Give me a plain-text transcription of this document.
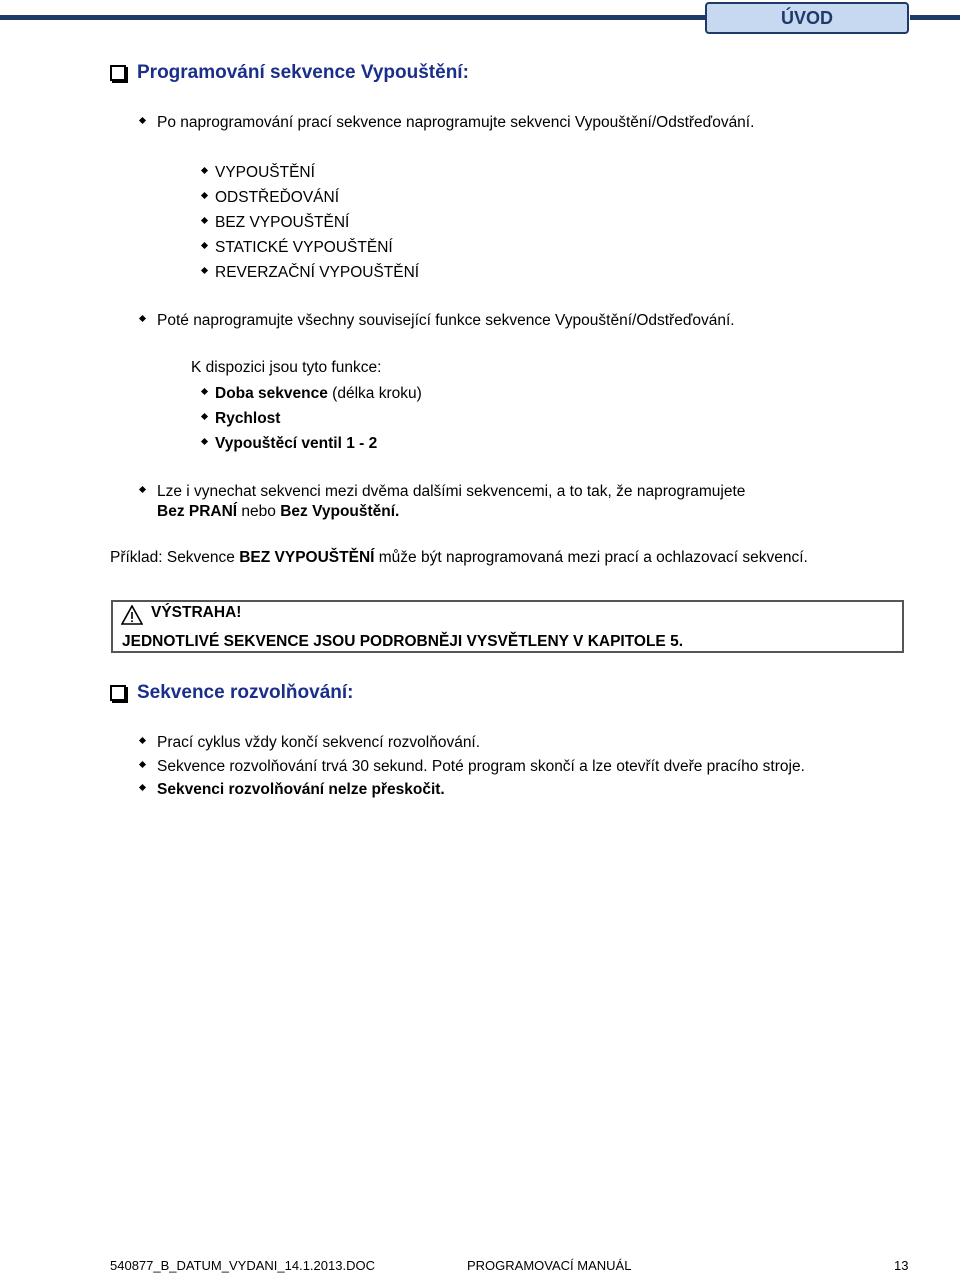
ÚVOD
Programování sekvence Vypouštění:
Po naprogramování prací sekvence naprogramujte sekvenci Vypouštění/Odstřeďování.
VYPOUŠTĚNÍ
ODSTŘEĎOVÁNÍ
BEZ VYPOUŠTĚNÍ
STATICKÉ VYPOUŠTĚNÍ
REVERZAČNÍ VYPOUŠTĚNÍ
Poté naprogramujte všechny související funkce sekvence Vypouštění/Odstřeďování.
K dispozici jsou tyto funkce:
Doba sekvence (délka kroku)
Rychlost
Vypouštěcí ventil 1 - 2
Lze i vynechat sekvenci mezi dvěma dalšími sekvencemi, a to tak, že naprogramujete
Bez PRANÍ nebo Bez Vypouštění.
Příklad: Sekvence BEZ VYPOUŠTĚNÍ může být naprogramovaná mezi prací a ochlazovací sekvencí.
VÝSTRAHA!
JEDNOTLIVÉ SEKVENCE JSOU PODROBNĚJI VYSVĚTLENY V KAPITOLE 5.
Sekvence rozvolňování:
Prací cyklus vždy končí sekvencí rozvolňování.
Sekvence rozvolňování trvá 30 sekund. Poté program skončí a lze otevřít dveře pracího stroje.
Sekvenci rozvolňování nelze přeskočit.
540877_B_DATUM_VYDANI_14.1.2013.DOC	PROGRAMOVACÍ MANUÁL	13
